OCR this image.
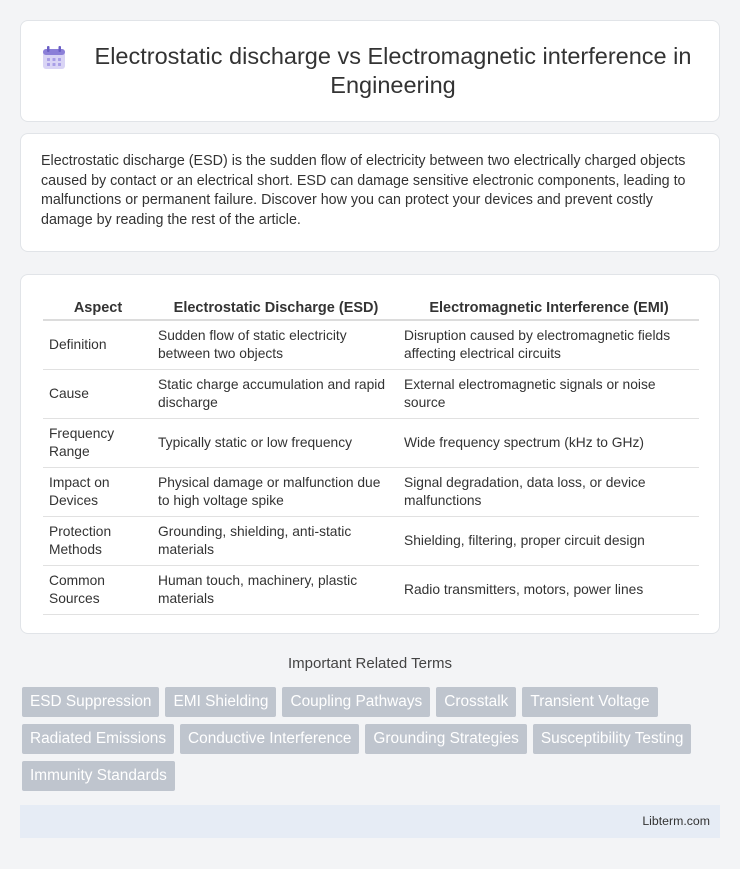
Electrostatic discharge vs Electromagnetic interference in Engineering

Electrostatic discharge (ESD) is the sudden flow of electricity between two electrically charged objects caused by contact or an electrical short. ESD can damage sensitive electronic components, leading to malfunctions or permanent failure. Discover how you can protect your devices and prevent costly damage by reading the rest of the article.

Aspect	Electrostatic Discharge (ESD)	Electromagnetic Interference (EMI)
Definition	Sudden flow of static electricity between two objects	Disruption caused by electromagnetic fields affecting electrical circuits
Cause	Static charge accumulation and rapid discharge	External electromagnetic signals or noise source
Frequency Range	Typically static or low frequency	Wide frequency spectrum (kHz to GHz)
Impact on Devices	Physical damage or malfunction due to high voltage spike	Signal degradation, data loss, or device malfunctions
Protection Methods	Grounding, shielding, anti-static materials	Shielding, filtering, proper circuit design
Common Sources	Human touch, machinery, plastic materials	Radio transmitters, motors, power lines
Important Related Terms
ESD Suppression	EMI Shielding	Coupling Pathways	Crosstalk	Transient Voltage
Radiated Emissions	Conductive Interference	Grounding Strategies	Susceptibility Testing
Immunity Standards
Libterm.com
